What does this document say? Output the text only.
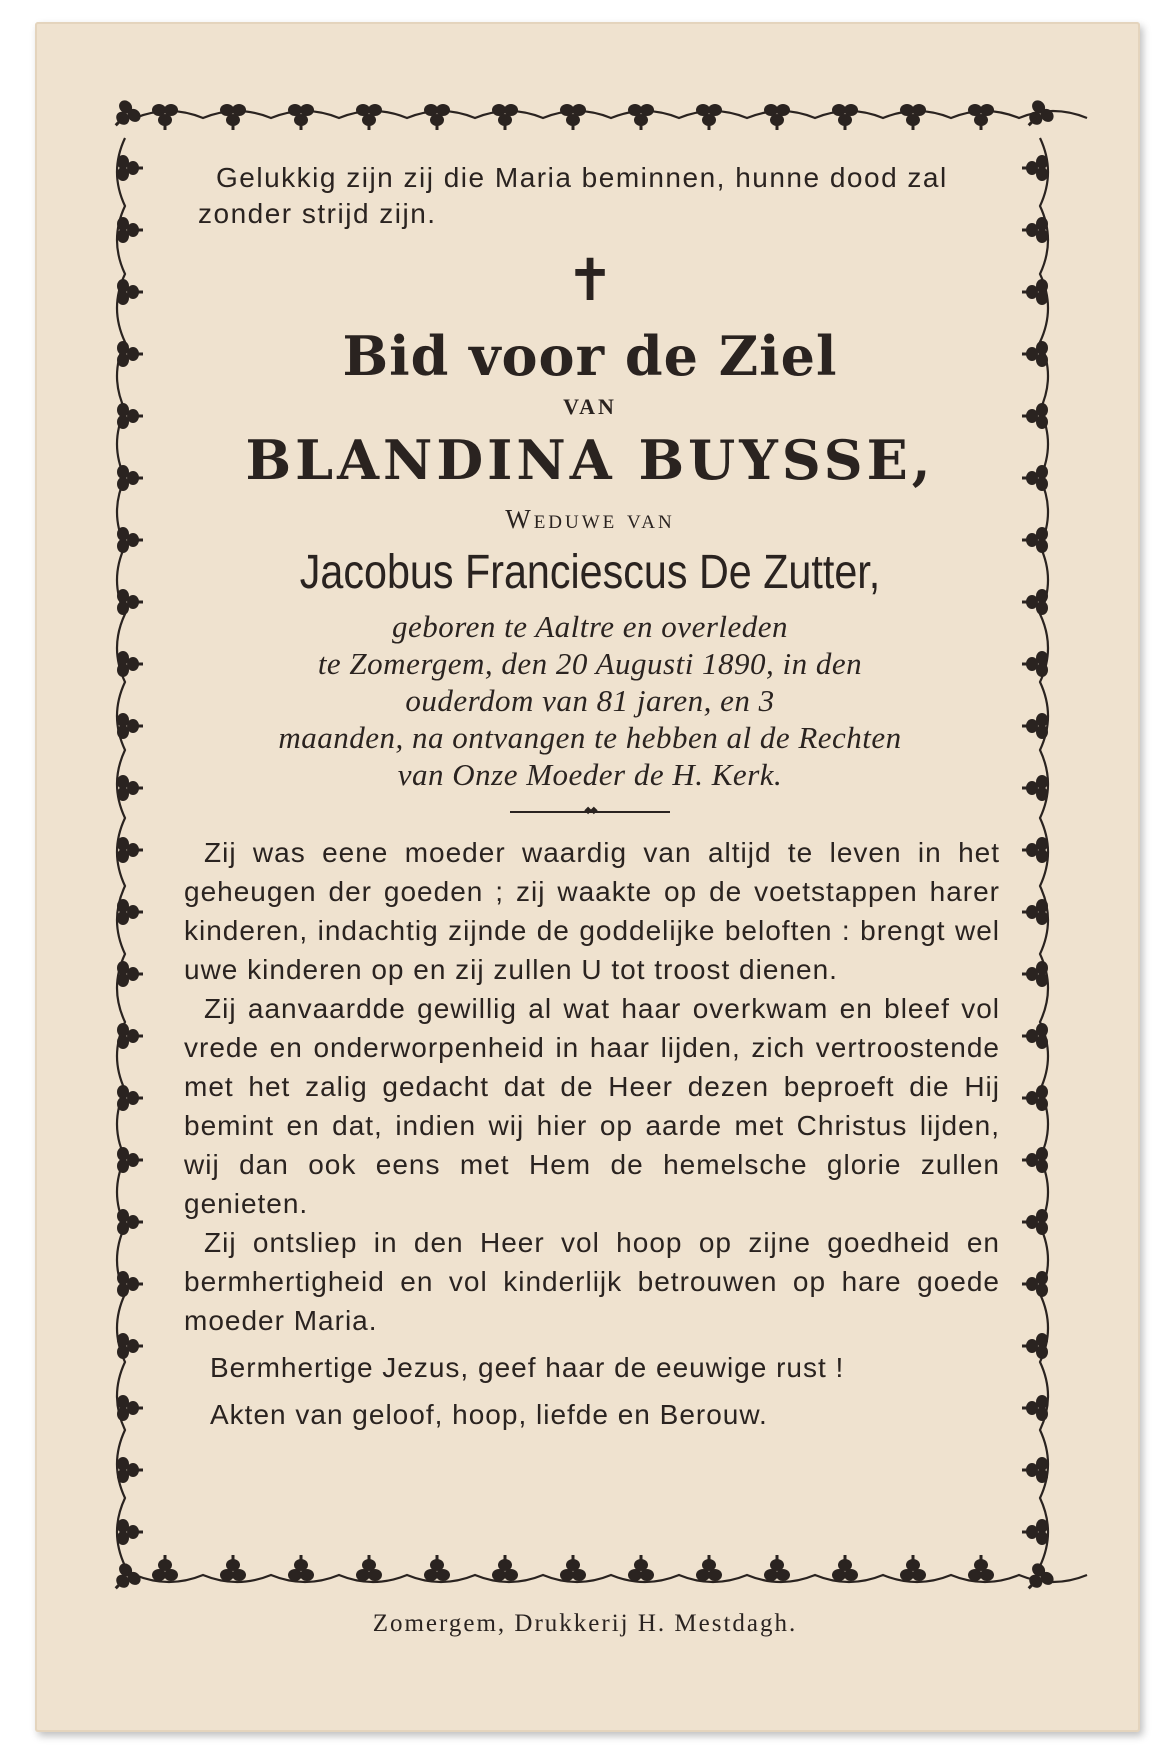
Gelukkig zijn zij die Maria beminnen, hunne dood zal zonder strijd zijn.

✝
Bid voor de Ziel
VAN
BLANDINA BUYSSE,
Weduwe van
Jacobus Franciescus De Zutter,
geboren te Aaltre en overleden
te Zomergem, den 20 Augusti 1890, in den
ouderdom van 81 jaren, en 3
maanden, na ontvangen te hebben al de Rechten
van Onze Moeder de H. Kerk.
◆◆

Zij was eene moeder waardig van altijd te leven in het geheugen der goeden ; zij waakte op de voetstappen harer kinderen, indachtig zijnde de goddelijke beloften : brengt wel uwe kinderen op en zij zullen U tot troost dienen.

Zij aanvaardde gewillig al wat haar overkwam en bleef vol vrede en onderworpenheid in haar lijden, zich vertroostende met het zalig gedacht dat de Heer dezen beproeft die Hij bemint en dat, indien wij hier op aarde met Christus lijden, wij dan ook eens met Hem de hemelsche glorie zullen genieten.

Zij ontsliep in den Heer vol hoop op zijne goedheid en bermhertigheid en vol kinderlijk betrouwen op hare goede moeder Maria.

Bermhertige Jezus, geef haar de eeuwige rust !
Akten van geloof, hoop, liefde en Berouw.
Zomergem, Drukkerij H. Mestdagh.
